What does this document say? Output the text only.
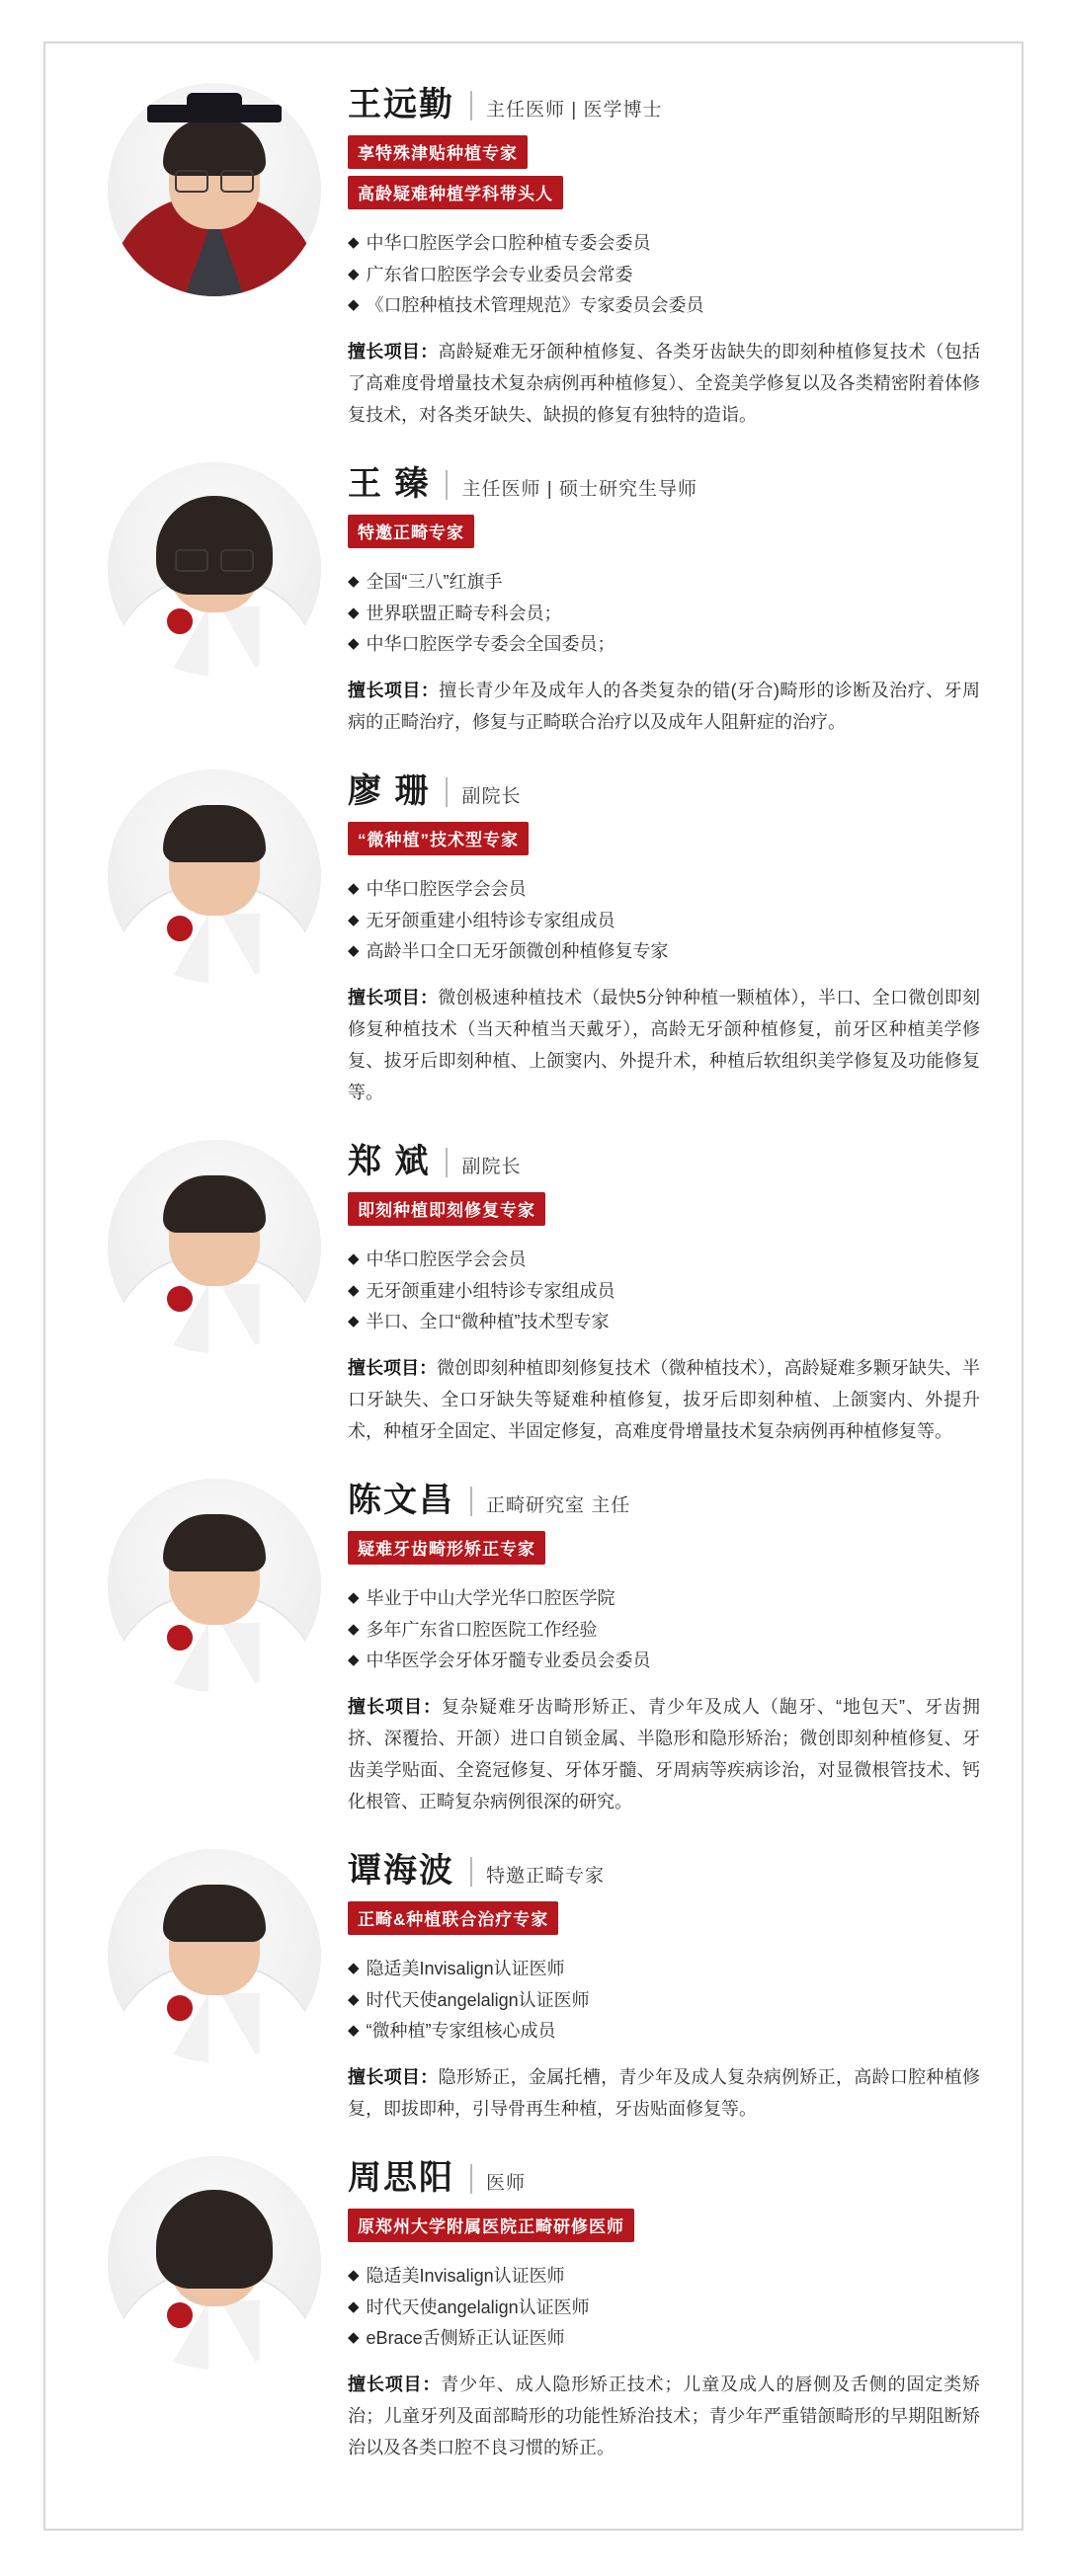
王远勤 主任医师 | 医学博士
享特殊津贴种植专家
高龄疑难种植学科带头人
◆ 中华口腔医学会口腔种植专委会委员
◆ 广东省口腔医学会专业委员会常委
◆ 《口腔种植技术管理规范》专家委员会委员
擅长项目：高龄疑难无牙颌种植修复、各类牙齿缺失的即刻种植修复技术（包括了高难度骨增量技术复杂病例再种植修复）、全瓷美学修复以及各类精密附着体修复技术，对各类牙缺失、缺损的修复有独特的造诣。
王 臻 主任医师 | 硕士研究生导师
特邀正畸专家
◆ 全国“三八”红旗手
◆ 世界联盟正畸专科会员；
◆ 中华口腔医学专委会全国委员；
擅长项目：擅长青少年及成年人的各类复杂的错(牙合)畸形的诊断及治疗、牙周病的正畸治疗，修复与正畸联合治疗以及成年人阻鼾症的治疗。
廖 珊 副院长
“微种植”技术型专家
◆ 中华口腔医学会会员
◆ 无牙颌重建小组特诊专家组成员
◆ 高龄半口全口无牙颌微创种植修复专家
擅长项目：微创极速种植技术（最快5分钟种植一颗植体），半口、全口微创即刻修复种植技术（当天种植当天戴牙），高龄无牙颌种植修复，前牙区种植美学修复、拔牙后即刻种植、上颌窦内、外提升术，种植后软组织美学修复及功能修复等。
郑 斌 副院长
即刻种植即刻修复专家
◆ 中华口腔医学会会员
◆ 无牙颌重建小组特诊专家组成员
◆ 半口、全口“微种植”技术型专家
擅长项目：微创即刻种植即刻修复技术（微种植技术），高龄疑难多颗牙缺失、半口牙缺失、全口牙缺失等疑难种植修复，拔牙后即刻种植、上颌窦内、外提升术，种植牙全固定、半固定修复，高难度骨增量技术复杂病例再种植修复等。
陈文昌 正畸研究室 主任
疑难牙齿畸形矫正专家
◆ 毕业于中山大学光华口腔医学院
◆ 多年广东省口腔医院工作经验
◆ 中华医学会牙体牙髓专业委员会委员
擅长项目：复杂疑难牙齿畸形矫正、青少年及成人（龅牙、“地包天”、牙齿拥挤、深覆拾、开颌）进口自锁金属、半隐形和隐形矫治；微创即刻种植修复、牙齿美学贴面、全瓷冠修复、牙体牙髓、牙周病等疾病诊治，对显微根管技术、钙化根管、正畸复杂病例很深的研究。
谭海波 特邀正畸专家
正畸&种植联合治疗专家
◆ 隐适美Invisalign认证医师
◆ 时代天使angelalign认证医师
◆ “微种植”专家组核心成员
擅长项目：隐形矫正，金属托槽，青少年及成人复杂病例矫正，高龄口腔种植修复，即拔即种，引导骨再生种植，牙齿贴面修复等。
周思阳 医师
原郑州大学附属医院正畸研修医师
◆ 隐适美Invisalign认证医师
◆ 时代天使angelalign认证医师
◆ eBrace舌侧矫正认证医师
擅长项目：青少年、成人隐形矫正技术；儿童及成人的唇侧及舌侧的固定类矫治；儿童牙列及面部畸形的功能性矫治技术；青少年严重错颌畸形的早期阻断矫治以及各类口腔不良习惯的矫正。
